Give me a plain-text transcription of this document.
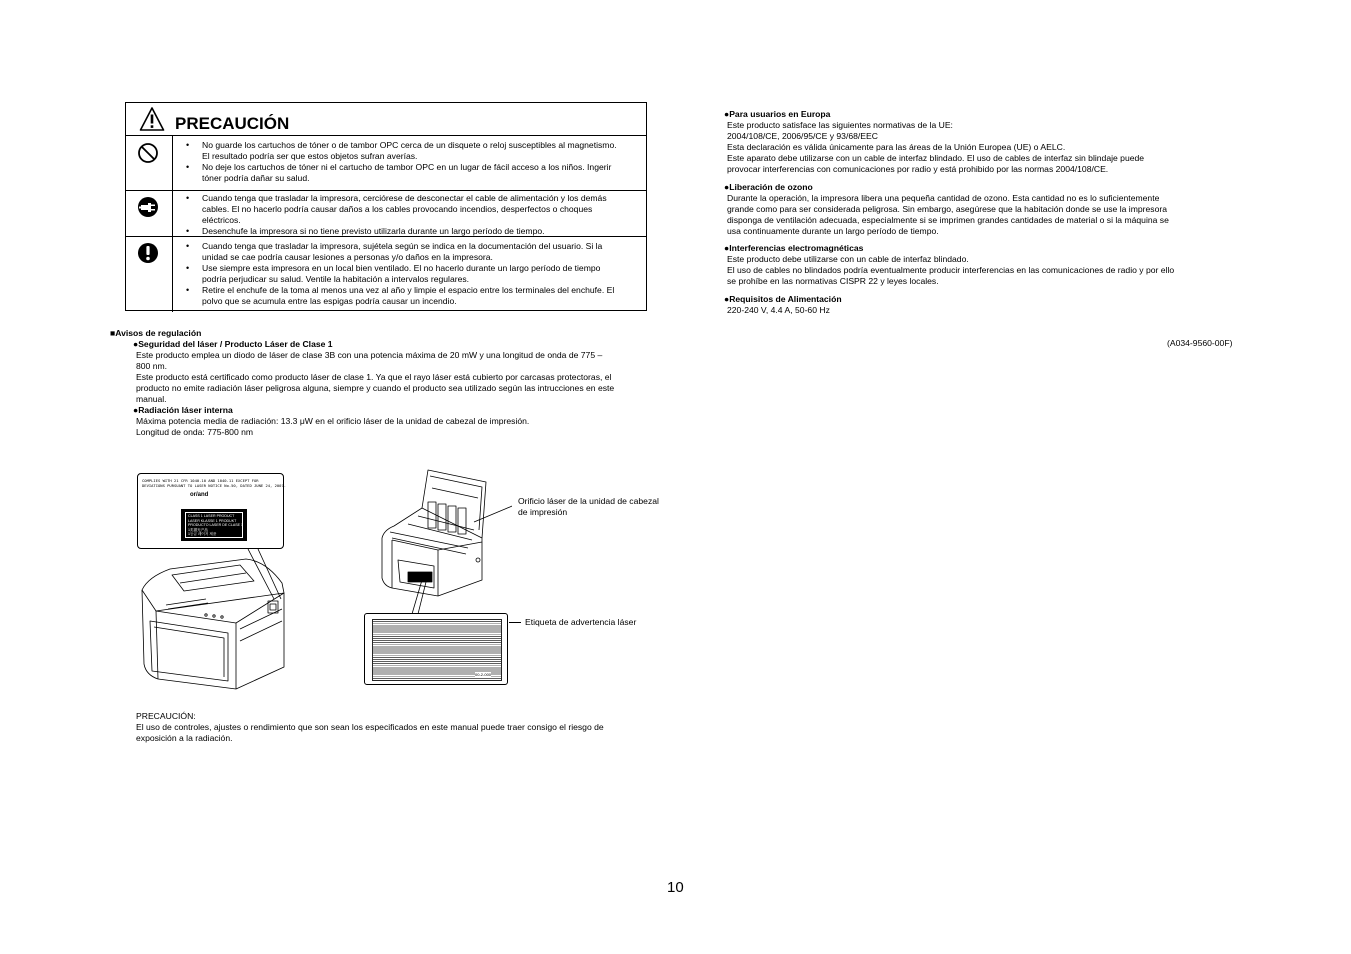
PRECAUCIÓN
• No guarde los cartuchos de tóner o de tambor OPC cerca de un disquete o reloj susceptibles al magnetismo. El resultado podría ser que estos objetos sufran averías.
• No deje los cartuchos de tóner ni el cartucho de tambor OPC en un lugar de fácil acceso a los niños. Ingerir tóner podría dañar su salud.
• Cuando tenga que trasladar la impresora, cerciórese de desconectar el cable de alimentación y los demás cables. El no hacerlo podría causar daños a los cables provocando incendios, desperfectos o choques eléctricos.
• Desenchufe la impresora si no tiene previsto utilizarla durante un largo período de tiempo.
• Cuando tenga que trasladar la impresora, sujétela según se indica en la documentación del usuario. Si la unidad se cae podría causar lesiones a personas y/o daños en la impresora.
• Use siempre esta impresora en un local bien ventilado. El no hacerlo durante un largo período de tiempo podría perjudicar su salud. Ventile la habitación a intervalos regulares.
• Retire el enchufe de la toma al menos una vez al año y limpie el espacio entre los terminales del enchufe. El polvo que se acumula entre las espigas podría causar un incendio.
■Avisos de regulación
●Seguridad del láser / Producto Láser de Clase 1
Este producto emplea un diodo de láser de clase 3B con una potencia máxima de 20 mW y una longitud de onda de 775 –
800 nm.
Este producto está certificado como producto láser de clase 1. Ya que el rayo láser está cubierto por carcasas protectoras, el
producto no emite radiación láser peligrosa alguna, siempre y cuando el producto sea utilizado según las intrucciones en este
manual.
●Radiación láser interna
Máxima potencia media de radiación: 13.3 μW en el orificio láser de la unidad de cabezal de impresión.
Longitud de onda: 775-800 nm
COMPLIES WITH 21 CFR 1040.10 AND 1040.11 EXCEPT FOR
DEVIATIONS PURSUANT TO LASER NOTICE No.50, DATED JUNE 24, 2007.
or/and
CLASS 1 LASER PRODUCT
LASER KLASSE 1 PRODUKT
PRODUCTO LASER DE CLASE 1
1类激光产品
1등급 레이저 제품
00-2-000
Orificio láser de la unidad de cabezal
de impresión
Etiqueta de advertencia láser
PRECAUCIÓN:
El uso de controles, ajustes o rendimiento que son sean los especificados en este manual puede traer consigo el riesgo de
exposición a la radiación.
●Para usuarios en Europa
Este producto satisface las siguientes normativas de la UE:
2004/108/CE, 2006/95/CE y 93/68/EEC
Esta declaración es válida únicamente para las áreas de la Unión Europea (UE) o AELC.
Este aparato debe utilizarse con un cable de interfaz blindado. El uso de cables de interfaz sin blindaje puede
provocar interferencias con comunicaciones por radio y está prohibido por las normas 2004/108/CE.
●Liberación de ozono
Durante la operación, la impresora libera una pequeña cantidad de ozono. Esta cantidad no es lo suficientemente
grande como para ser considerada peligrosa. Sin embargo, asegúrese que la habitación donde se use la impresora
disponga de ventilación adecuada, especialmente si se imprimen grandes cantidades de material o si la máquina se
usa continuamente durante un largo período de tiempo.
●Interferencias electromagnéticas
Este producto debe utilizarse con un cable de interfaz blindado.
El uso de cables no blindados podría eventualmente producir interferencias en las comunicaciones de radio y por ello
se prohíbe en las normativas CISPR 22 y leyes locales.
●Requisitos de Alimentación
220-240 V, 4.4 A, 50-60 Hz
(A034-9560-00F)
10
